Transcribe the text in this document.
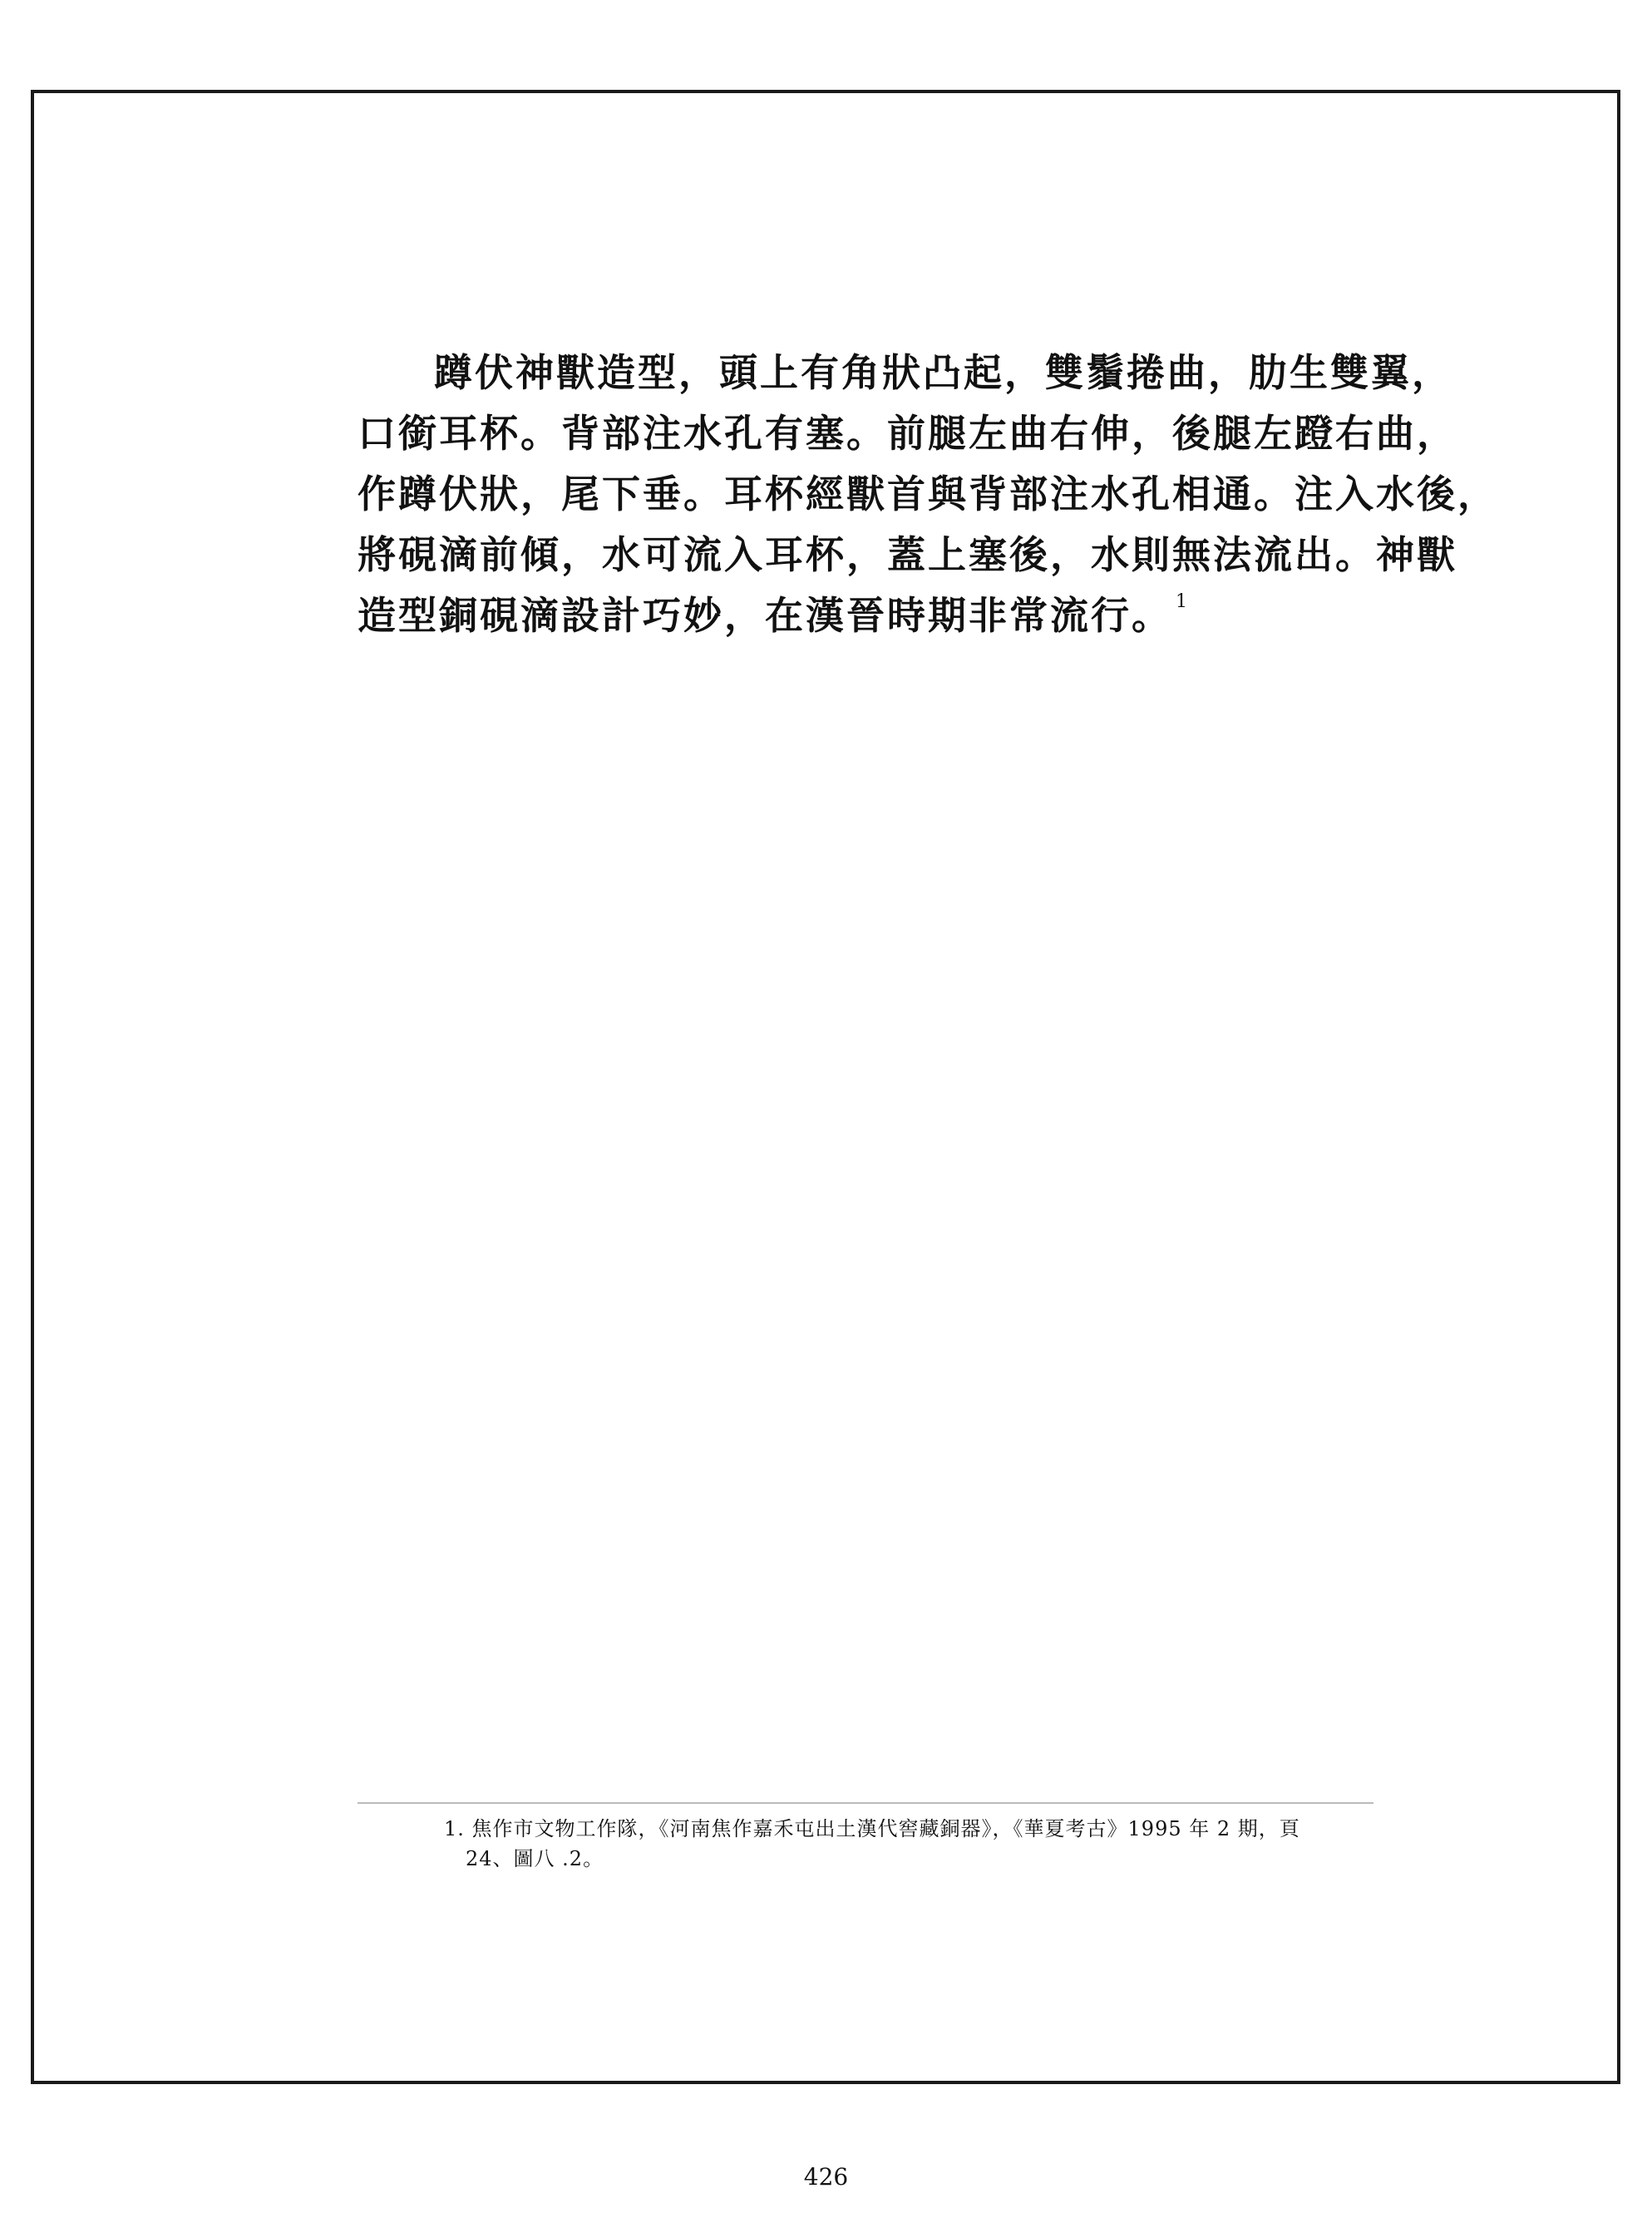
蹲伏神獸造型，頭上有角狀凸起，雙鬚捲曲，肋生雙翼，
口銜耳杯。背部注水孔有塞。前腿左曲右伸，後腿左蹬右曲，
作蹲伏狀，尾下垂。耳杯經獸首與背部注水孔相通。注入水後，
將硯滴前傾，水可流入耳杯，蓋上塞後，水則無法流出。神獸
造型銅硯滴設計巧妙，在漢晉時期非常流行。 $^1$
1. 焦作市文物工作隊，《河南焦作嘉禾屯出土漢代窖藏銅器》，《華夏考古》1995 年 2 期，頁
24、圖八 .2。
426
